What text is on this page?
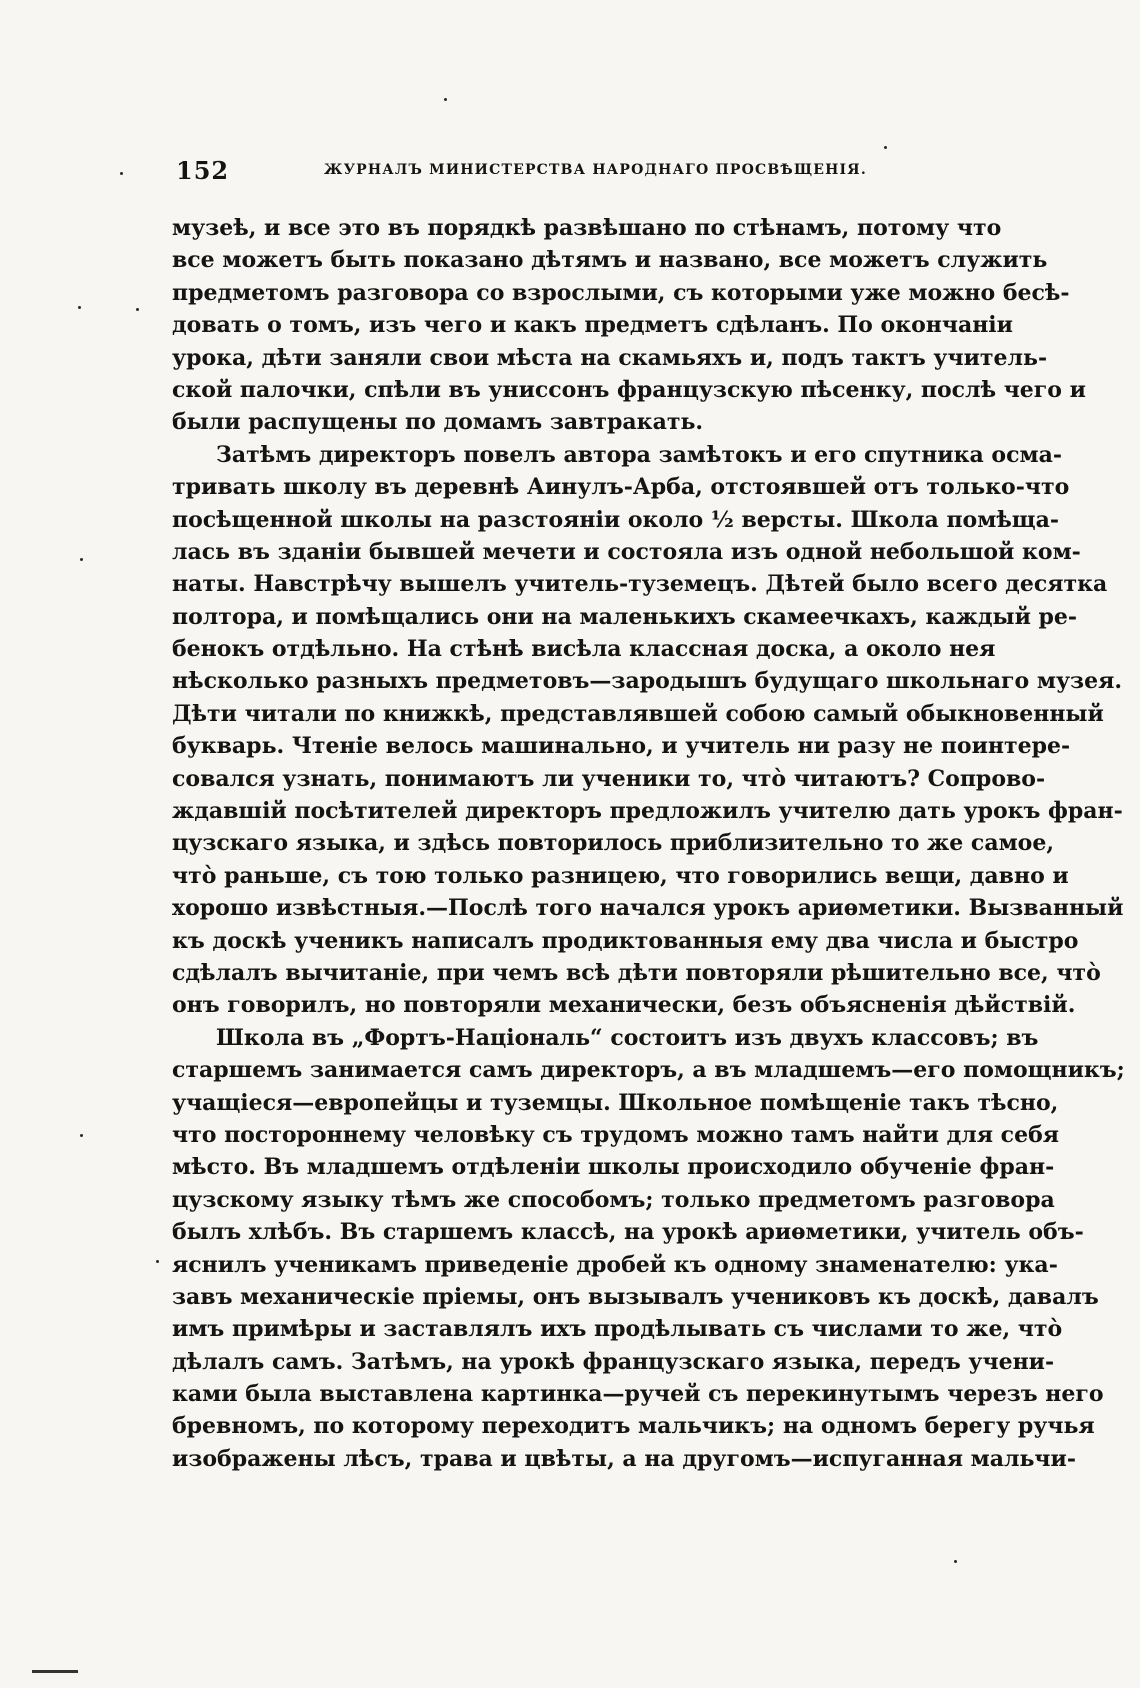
152	ЖУРНАЛЪ МИНИСТЕРСТВА НАРОДНАГО ПРОСВѢЩЕНІЯ.
музеѣ, и все это въ порядкѣ развѣшано по стѣнамъ, потому что
все можетъ быть показано дѣтямъ и названо, все можетъ служить
предметомъ разговора со взрослыми, съ которыми уже можно бесѣ-
довать о томъ, изъ чего и какъ предметъ сдѣланъ. По окончаніи
урока, дѣти заняли свои мѣста на скамьяхъ и, подъ тактъ учитель-
ской палочки, спѣли въ униссонъ французскую пѣсенку, послѣ чего и
были распущены по домамъ завтракать.
Затѣмъ директоръ повелъ автора замѣтокъ и его спутника осма-
тривать школу въ деревнѣ Аинулъ-Арба, отстоявшей отъ только-что
посѣщенной школы на разстояніи около ½ версты. Школа помѣща-
лась въ зданіи бывшей мечети и состояла изъ одной небольшой ком-
наты. Навстрѣчу вышелъ учитель-туземецъ. Дѣтей было всего десятка
полтора, и помѣщались они на маленькихъ скамеечкахъ, каждый ре-
бенокъ отдѣльно. На стѣнѣ висѣла классная доска, а около нея
нѣсколько разныхъ предметовъ—зародышъ будущаго школьнаго музея.
Дѣти читали по книжкѣ, представлявшей собою самый обыкновенный
букварь. Чтеніе велось машинально, и учитель ни разу не поинтере-
совался узнать, понимаютъ ли ученики то, что̀ читаютъ? Сопрово-
ждавшій посѣтителей директоръ предложилъ учителю дать урокъ фран-
цузскаго языка, и здѣсь повторилось приблизительно то же самое,
что̀ раньше, съ тою только разницею, что говорились вещи, давно и
хорошо извѣстныя.—Послѣ того начался урокъ ариѳметики. Вызванный
къ доскѣ ученикъ написалъ продиктованныя ему два числа и быстро
сдѣлалъ вычитаніе, при чемъ всѣ дѣти повторяли рѣшительно все, что̀
онъ говорилъ, но повторяли механически, безъ объясненія дѣйствій.
Школа въ „Фортъ-Національ“ состоитъ изъ двухъ классовъ; въ
старшемъ занимается самъ директоръ, а въ младшемъ—его помощникъ;
учащіеся—европейцы и туземцы. Школьное помѣщеніе такъ тѣсно,
что постороннему человѣку съ трудомъ можно тамъ найти для себя
мѣсто. Въ младшемъ отдѣленіи школы происходило обученіе фран-
цузскому языку тѣмъ же способомъ; только предметомъ разговора
былъ хлѣбъ. Въ старшемъ классѣ, на урокѣ ариѳметики, учитель объ-
яснилъ ученикамъ приведеніе дробей къ одному знаменателю: ука-
завъ механическіе пріемы, онъ вызывалъ учениковъ къ доскѣ, давалъ
имъ примѣры и заставлялъ ихъ продѣлывать съ числами то же, что̀
дѣлалъ самъ. Затѣмъ, на урокѣ французскаго языка, передъ учени-
ками была выставлена картинка—ручей съ перекинутымъ черезъ него
бревномъ, по которому переходитъ мальчикъ; на одномъ берегу ручья
изображены лѣсъ, трава и цвѣты, а на другомъ—испуганная мальчи-
